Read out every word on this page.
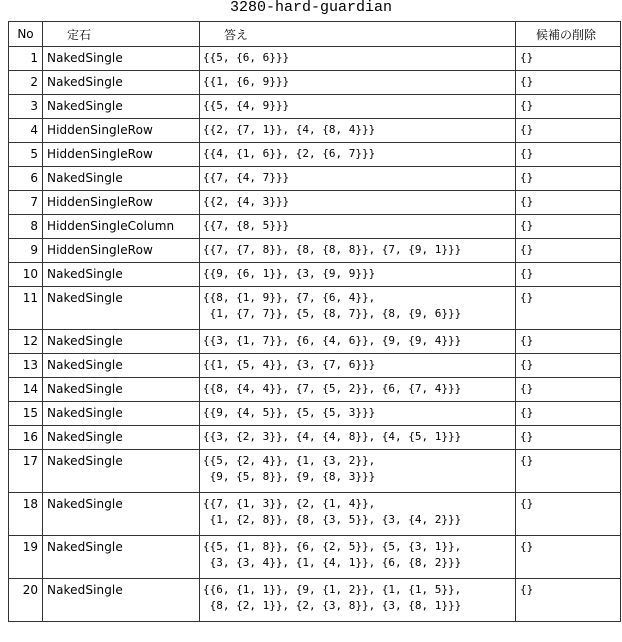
3280-hard-guardian
No	定石	答え	候補の削除
1	NakedSingle	{{5, {6, 6}}}	{}
2	NakedSingle	{{1, {6, 9}}}	{}
3	NakedSingle	{{5, {4, 9}}}	{}
4	HiddenSingleRow	{{2, {7, 1}}, {4, {8, 4}}}	{}
5	HiddenSingleRow	{{4, {1, 6}}, {2, {6, 7}}}	{}
6	NakedSingle	{{7, {4, 7}}}	{}
7	HiddenSingleRow	{{2, {4, 3}}}	{}
8	HiddenSingleColumn	{{7, {8, 5}}}	{}
9	HiddenSingleRow	{{7, {7, 8}}, {8, {8, 8}}, {7, {9, 1}}}	{}
10	NakedSingle	{{9, {6, 1}}, {3, {9, 9}}}	{}
11	NakedSingle	{{8, {1, 9}}, {7, {6, 4}},
{1, {7, 7}}, {5, {8, 7}}, {8, {9, 6}}}	{}
12	NakedSingle	{{3, {1, 7}}, {6, {4, 6}}, {9, {9, 4}}}	{}
13	NakedSingle	{{1, {5, 4}}, {3, {7, 6}}}	{}
14	NakedSingle	{{8, {4, 4}}, {7, {5, 2}}, {6, {7, 4}}}	{}
15	NakedSingle	{{9, {4, 5}}, {5, {5, 3}}}	{}
16	NakedSingle	{{3, {2, 3}}, {4, {4, 8}}, {4, {5, 1}}}	{}
17	NakedSingle	{{5, {2, 4}}, {1, {3, 2}},
{9, {5, 8}}, {9, {8, 3}}}	{}
18	NakedSingle	{{7, {1, 3}}, {2, {1, 4}},
{1, {2, 8}}, {8, {3, 5}}, {3, {4, 2}}}	{}
19	NakedSingle	{{5, {1, 8}}, {6, {2, 5}}, {5, {3, 1}},
{3, {3, 4}}, {1, {4, 1}}, {6, {8, 2}}}	{}
20	NakedSingle	{{6, {1, 1}}, {9, {1, 2}}, {1, {1, 5}},
{8, {2, 1}}, {2, {3, 8}}, {3, {8, 1}}}	{}
